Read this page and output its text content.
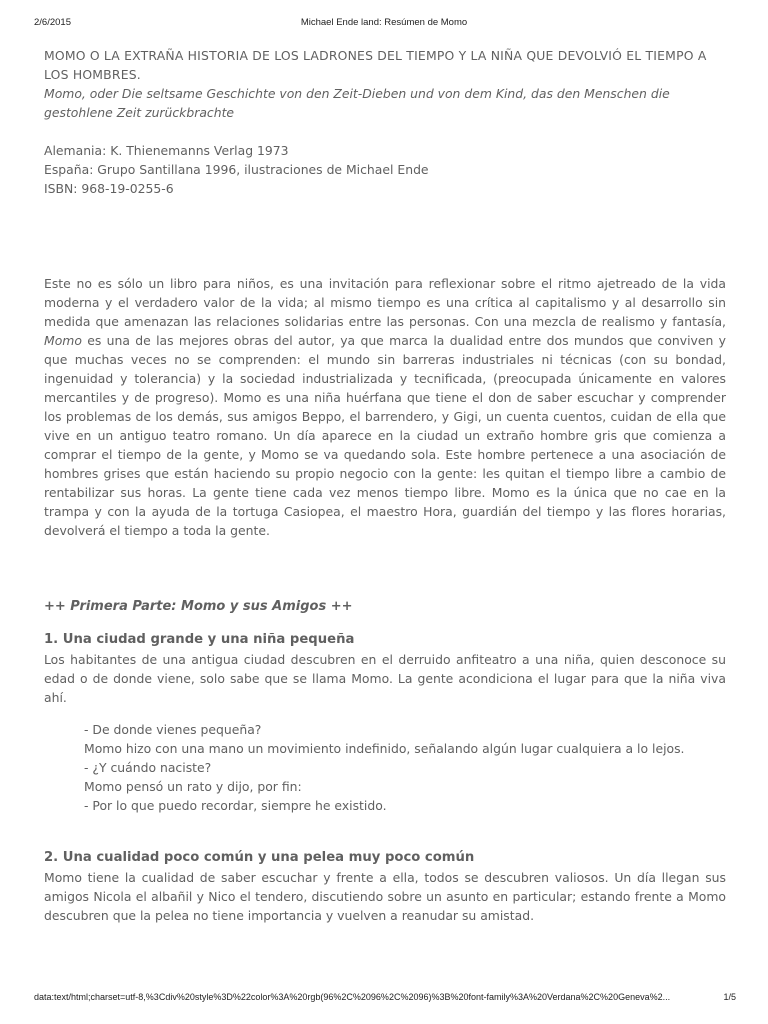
2/6/2015	Michael Ende land: Resúmen de Momo

MOMO O LA EXTRAÑA HISTORIA DE LOS LADRONES DEL TIEMPO Y LA NIÑA QUE DEVOLVIÓ EL TIEMPO A LOS HOMBRES.

Momo, oder Die seltsame Geschichte von den Zeit-Dieben und von dem Kind, das den Menschen die gestohlene Zeit zurückbrachte

Alemania: K. Thienemanns Verlag 1973

España: Grupo Santillana 1996, ilustraciones de Michael Ende

ISBN: 968-19-0255-6

Este no es sólo un libro para niños, es una invitación para reflexionar sobre el ritmo ajetreado de la vida moderna y el verdadero valor de la vida; al mismo tiempo es una crítica al capitalismo y al desarrollo sin medida que amenazan las relaciones solidarias entre las personas. Con una mezcla de realismo y fantasía, Momo es una de las mejores obras del autor, ya que marca la dualidad entre dos mundos que conviven y que muchas veces no se comprenden: el mundo sin barreras industriales ni técnicas (con su bondad, ingenuidad y tolerancia) y la sociedad industrializada y tecnificada, (preocupada únicamente en valores mercantiles y de progreso). Momo es una niña huérfana que tiene el don de saber escuchar y comprender los problemas de los demás, sus amigos Beppo, el barrendero, y Gigi, un cuenta cuentos, cuidan de ella que vive en un antiguo teatro romano. Un día aparece en la ciudad un extraño hombre gris que comienza a comprar el tiempo de la gente, y Momo se va quedando sola. Este hombre pertenece a una asociación de hombres grises que están haciendo su propio negocio con la gente: les quitan el tiempo libre a cambio de rentabilizar sus horas. La gente tiene cada vez menos tiempo libre. Momo es la única que no cae en la trampa y con la ayuda de la tortuga Casiopea, el maestro Hora, guardián del tiempo y las flores horarias, devolverá el tiempo a toda la gente.

++ Primera Parte: Momo y sus Amigos ++

1. Una ciudad grande y una niña pequeña

Los habitantes de una antigua ciudad descubren en el derruido anfiteatro a una niña, quien desconoce su edad o de donde viene, solo sabe que se llama Momo. La gente acondiciona el lugar para que la niña viva ahí.

- De donde vienes pequeña?
Momo hizo con una mano un movimiento indefinido, señalando algún lugar cualquiera a lo lejos.
- ¿Y cuándo naciste?
Momo pensó un rato y dijo, por fin:
- Por lo que puedo recordar, siempre he existido.

2. Una cualidad poco común y una pelea muy poco común

Momo tiene la cualidad de saber escuchar y frente a ella, todos se descubren valiosos. Un día llegan sus amigos Nicola el albañil y Nico el tendero, discutiendo sobre un asunto en particular; estando frente a Momo descubren que la pelea no tiene importancia y vuelven a reanudar su amistad.

data:text/html;charset=utf-8,%3Cdiv%20style%3D%22color%3A%20rgb(96%2C%2096%2C%2096)%3B%20font-family%3A%20Verdana%2C%20Geneva%2...	1/5
